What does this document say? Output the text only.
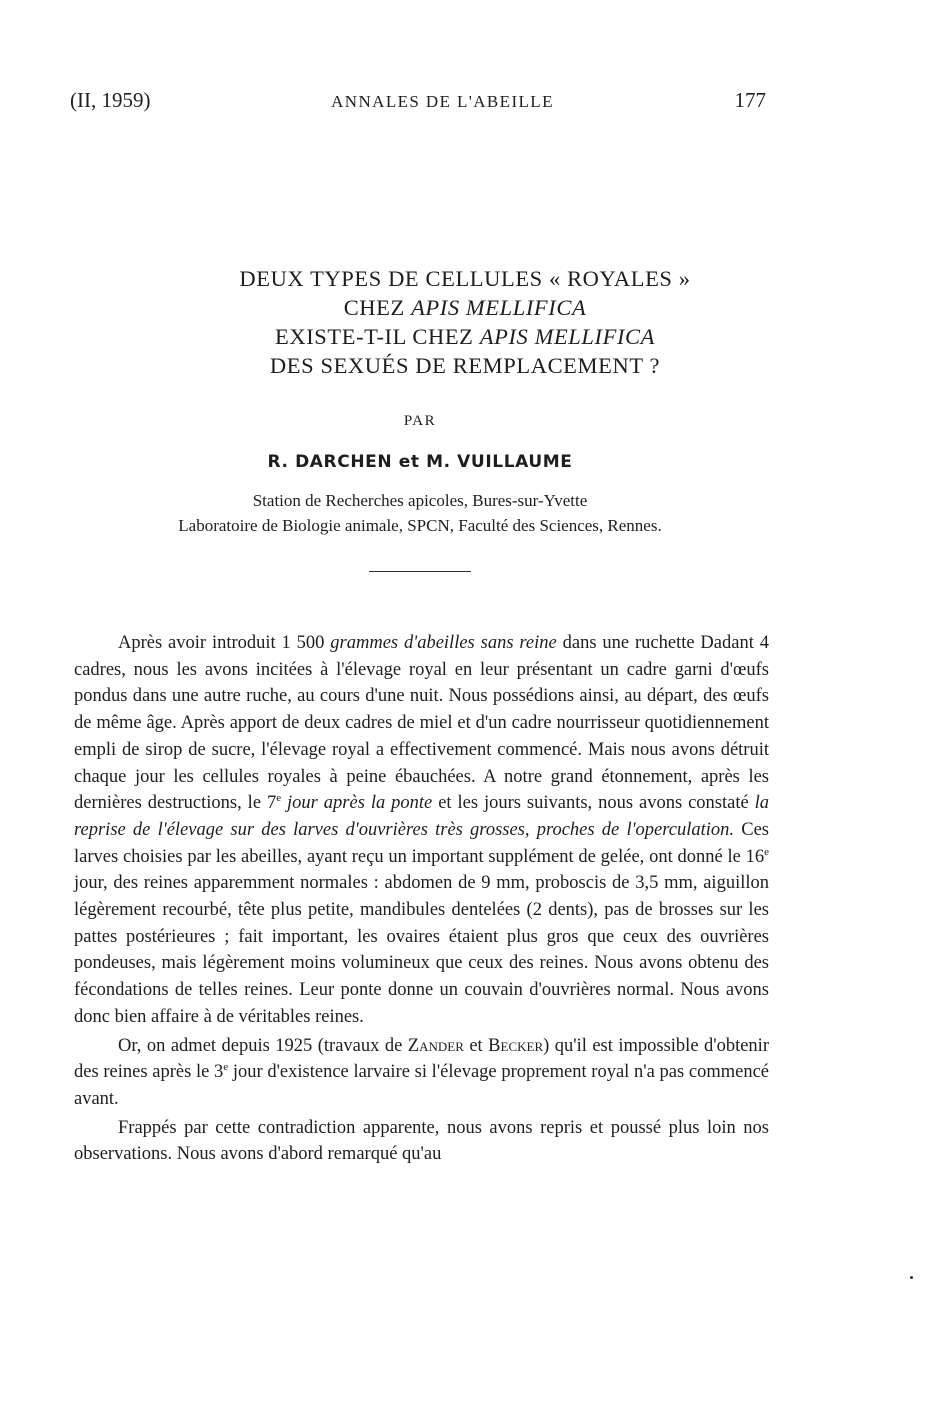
(II, 1959)	ANNALES DE L'ABEILLE	177
DEUX TYPES DE CELLULES « ROYALES »
CHEZ APIS MELLIFICA
EXISTE-T-IL CHEZ APIS MELLIFICA
DES SEXUÉS DE REMPLACEMENT ?
PAR
R. DARCHEN et M. VUILLAUME
Station de Recherches apicoles, Bures-sur-Yvette
Laboratoire de Biologie animale, SPCN, Faculté des Sciences, Rennes.

Après avoir introduit 1 500 grammes d'abeilles sans reine dans une ruchette Dadant 4 cadres, nous les avons incitées à l'élevage royal en leur présentant un cadre garni d'œufs pondus dans une autre ruche, au cours d'une nuit. Nous possédions ainsi, au départ, des œufs de même âge. Après apport de deux cadres de miel et d'un cadre nourrisseur quotidiennement empli de sirop de sucre, l'élevage royal a effectivement commencé. Mais nous avons détruit chaque jour les cellules royales à peine ébauchées. A notre grand étonnement, après les dernières destructions, le 7e jour après la ponte et les jours suivants, nous avons constaté la reprise de l'élevage sur des larves d'ouvrières très grosses, proches de l'operculation. Ces larves choisies par les abeilles, ayant reçu un important supplément de gelée, ont donné le 16e jour, des reines apparemment normales : abdomen de 9 mm, proboscis de 3,5 mm, aiguillon légèrement recourbé, tête plus petite, mandibules dentelées (2 dents), pas de brosses sur les pattes postérieures ; fait important, les ovaires étaient plus gros que ceux des ouvrières pondeuses, mais légèrement moins volumineux que ceux des reines. Nous avons obtenu des fécondations de telles reines. Leur ponte donne un couvain d'ouvrières normal. Nous avons donc bien affaire à de véritables reines.

Or, on admet depuis 1925 (travaux de Zander et Becker) qu'il est impossible d'obtenir des reines après le 3e jour d'existence larvaire si l'élevage proprement royal n'a pas commencé avant.

Frappés par cette contradiction apparente, nous avons repris et poussé plus loin nos observations. Nous avons d'abord remarqué qu'au
